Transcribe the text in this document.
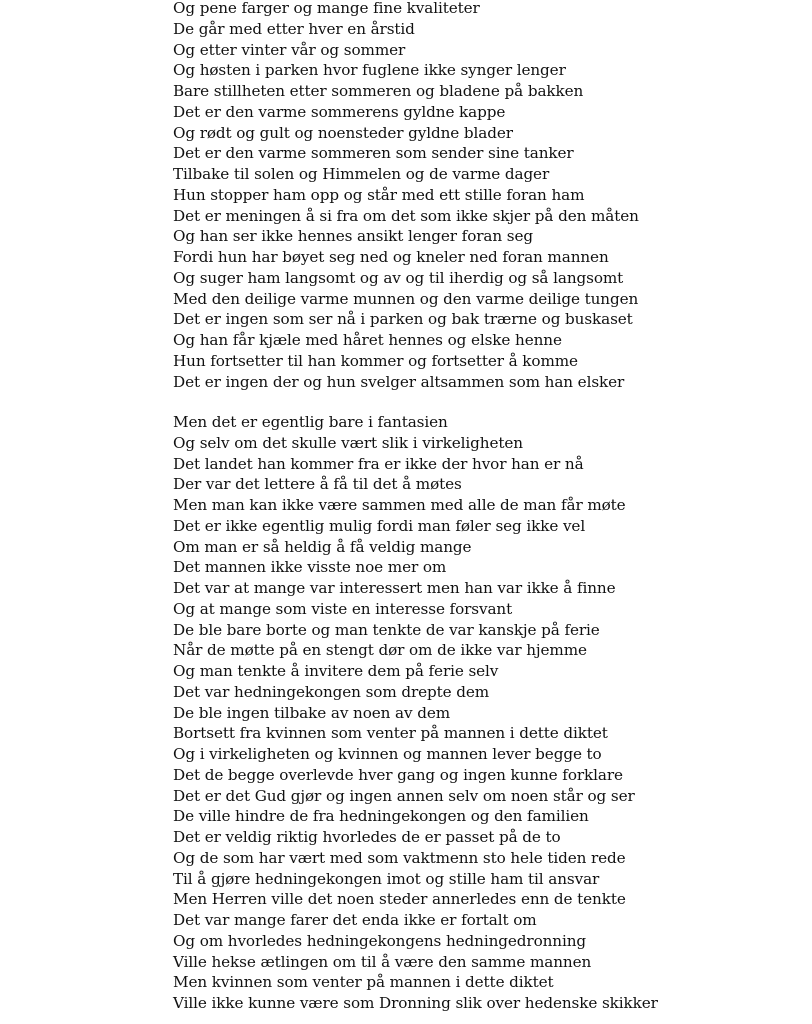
Og pene farger og mange fine kvaliteter
De går med etter hver en årstid
Og etter vinter vår og sommer
Og høsten i parken hvor fuglene ikke synger lenger
Bare stillheten etter sommeren og bladene på bakken
Det er den varme sommerens gyldne kappe
Og rødt og gult og noensteder gyldne blader
Det er den varme sommeren som sender sine tanker
Tilbake til solen og Himmelen og de varme dager
Hun stopper ham opp og står med ett stille foran ham
Det er meningen å si fra om det som ikke skjer på den måten
Og han ser ikke hennes ansikt lenger foran seg
Fordi hun har bøyet seg ned og kneler ned foran mannen
Og suger ham langsomt og av og til iherdig og så langsomt
Med den deilige varme munnen og den varme deilige tungen
Det er ingen som ser nå i parken og bak trærne og buskaset
Og han får kjæle med håret hennes og elske henne
Hun fortsetter til han kommer og fortsetter å komme
Det er ingen der og hun svelger altsammen som han elsker
Men det er egentlig bare i fantasien
Og selv om det skulle vært slik i virkeligheten
Det landet han kommer fra er ikke der hvor han er nå
Der var det lettere å få til det å møtes
Men man kan ikke være sammen med alle de man får møte
Det er ikke egentlig mulig fordi man føler seg ikke vel
Om man er så heldig å få veldig mange
Det mannen ikke visste noe mer om
Det var at mange var interessert men han var ikke å finne
Og at mange som viste en interesse forsvant
De ble bare borte og man tenkte de var kanskje på ferie
Når de møtte på en stengt dør om de ikke var hjemme
Og man tenkte å invitere dem på ferie selv
Det var hedningekongen som drepte dem
De ble ingen tilbake av noen av dem
Bortsett fra kvinnen som venter på mannen i dette diktet
Og i virkeligheten og kvinnen og mannen lever begge to
Det de begge overlevde hver gang og ingen kunne forklare
Det er det Gud gjør og ingen annen selv om noen står og ser
De ville hindre de fra hedningekongen og den familien
Det er veldig riktig hvorledes de er passet på de to
Og de som har vært med som vaktmenn sto hele tiden rede
Til å gjøre hedningekongen imot og stille ham til ansvar
Men Herren ville det noen steder annerledes enn de tenkte
Det var mange farer det enda ikke er fortalt om
Og om hvorledes hedningekongens hedningedronning
Ville hekse ætlingen om til å være den samme mannen
Men kvinnen som venter på mannen i dette diktet
Ville ikke kunne være som Dronning slik over hedenske skikker
